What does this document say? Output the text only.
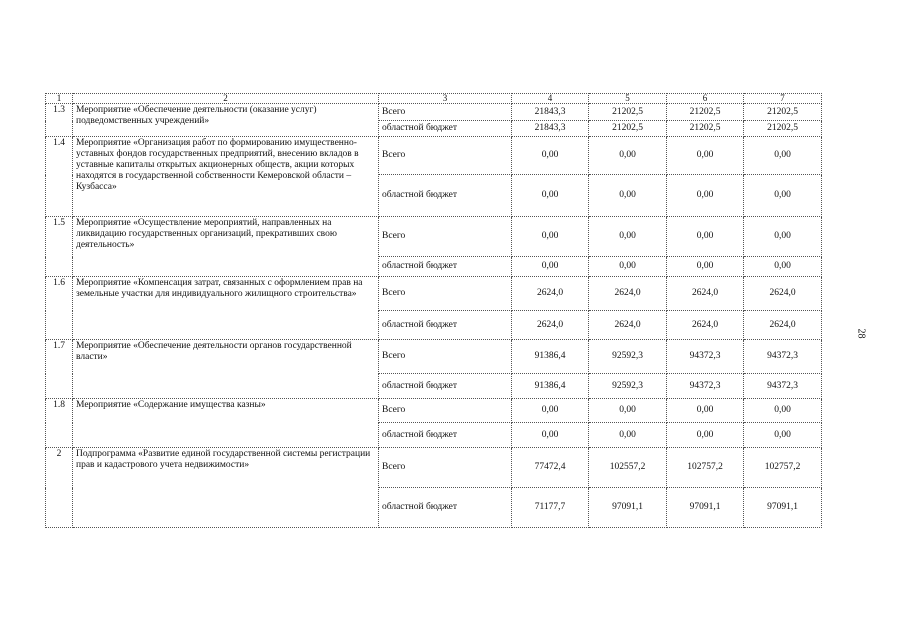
1	2	3	4	5	6	7
1.3	Мероприятие «Обеспечение деятельности (оказание услуг) подведомственных учреждений»	Всего	21843,3	21202,5	21202,5	21202,5
		областной бюджет	21843,3	21202,5	21202,5	21202,5
1.4	Мероприятие «Организация работ по формированию имущественно-уставных фондов государственных предприятий, внесению вкладов в уставные капиталы открытых акционерных обществ, акции которых находятся в государственной собственности Кемеровской области – Кузбасса»	Всего	0,00	0,00	0,00	0,00
		областной бюджет	0,00	0,00	0,00	0,00
1.5	Мероприятие «Осуществление мероприятий, направленных на ликвидацию государственных организаций, прекративших свою деятельность»	Всего	0,00	0,00	0,00	0,00
		областной бюджет	0,00	0,00	0,00	0,00
1.6	Мероприятие «Компенсация затрат, связанных с оформлением прав на земельные участки для индивидуального жилищного строительства»	Всего	2624,0	2624,0	2624,0	2624,0
		областной бюджет	2624,0	2624,0	2624,0	2624,0
1.7	Мероприятие «Обеспечение деятельности органов государственной власти»	Всего	91386,4	92592,3	94372,3	94372,3
		областной бюджет	91386,4	92592,3	94372,3	94372,3
1.8	Мероприятие «Содержание имущества казны»	Всего	0,00	0,00	0,00	0,00
		областной бюджет	0,00	0,00	0,00	0,00
2	Подпрограмма «Развитие единой государственной системы регистрации прав и кадастрового учета недвижимости»	Всего	77472,4	102557,2	102757,2	102757,2
		областной бюджет	71177,7	97091,1	97091,1	97091,1
28
